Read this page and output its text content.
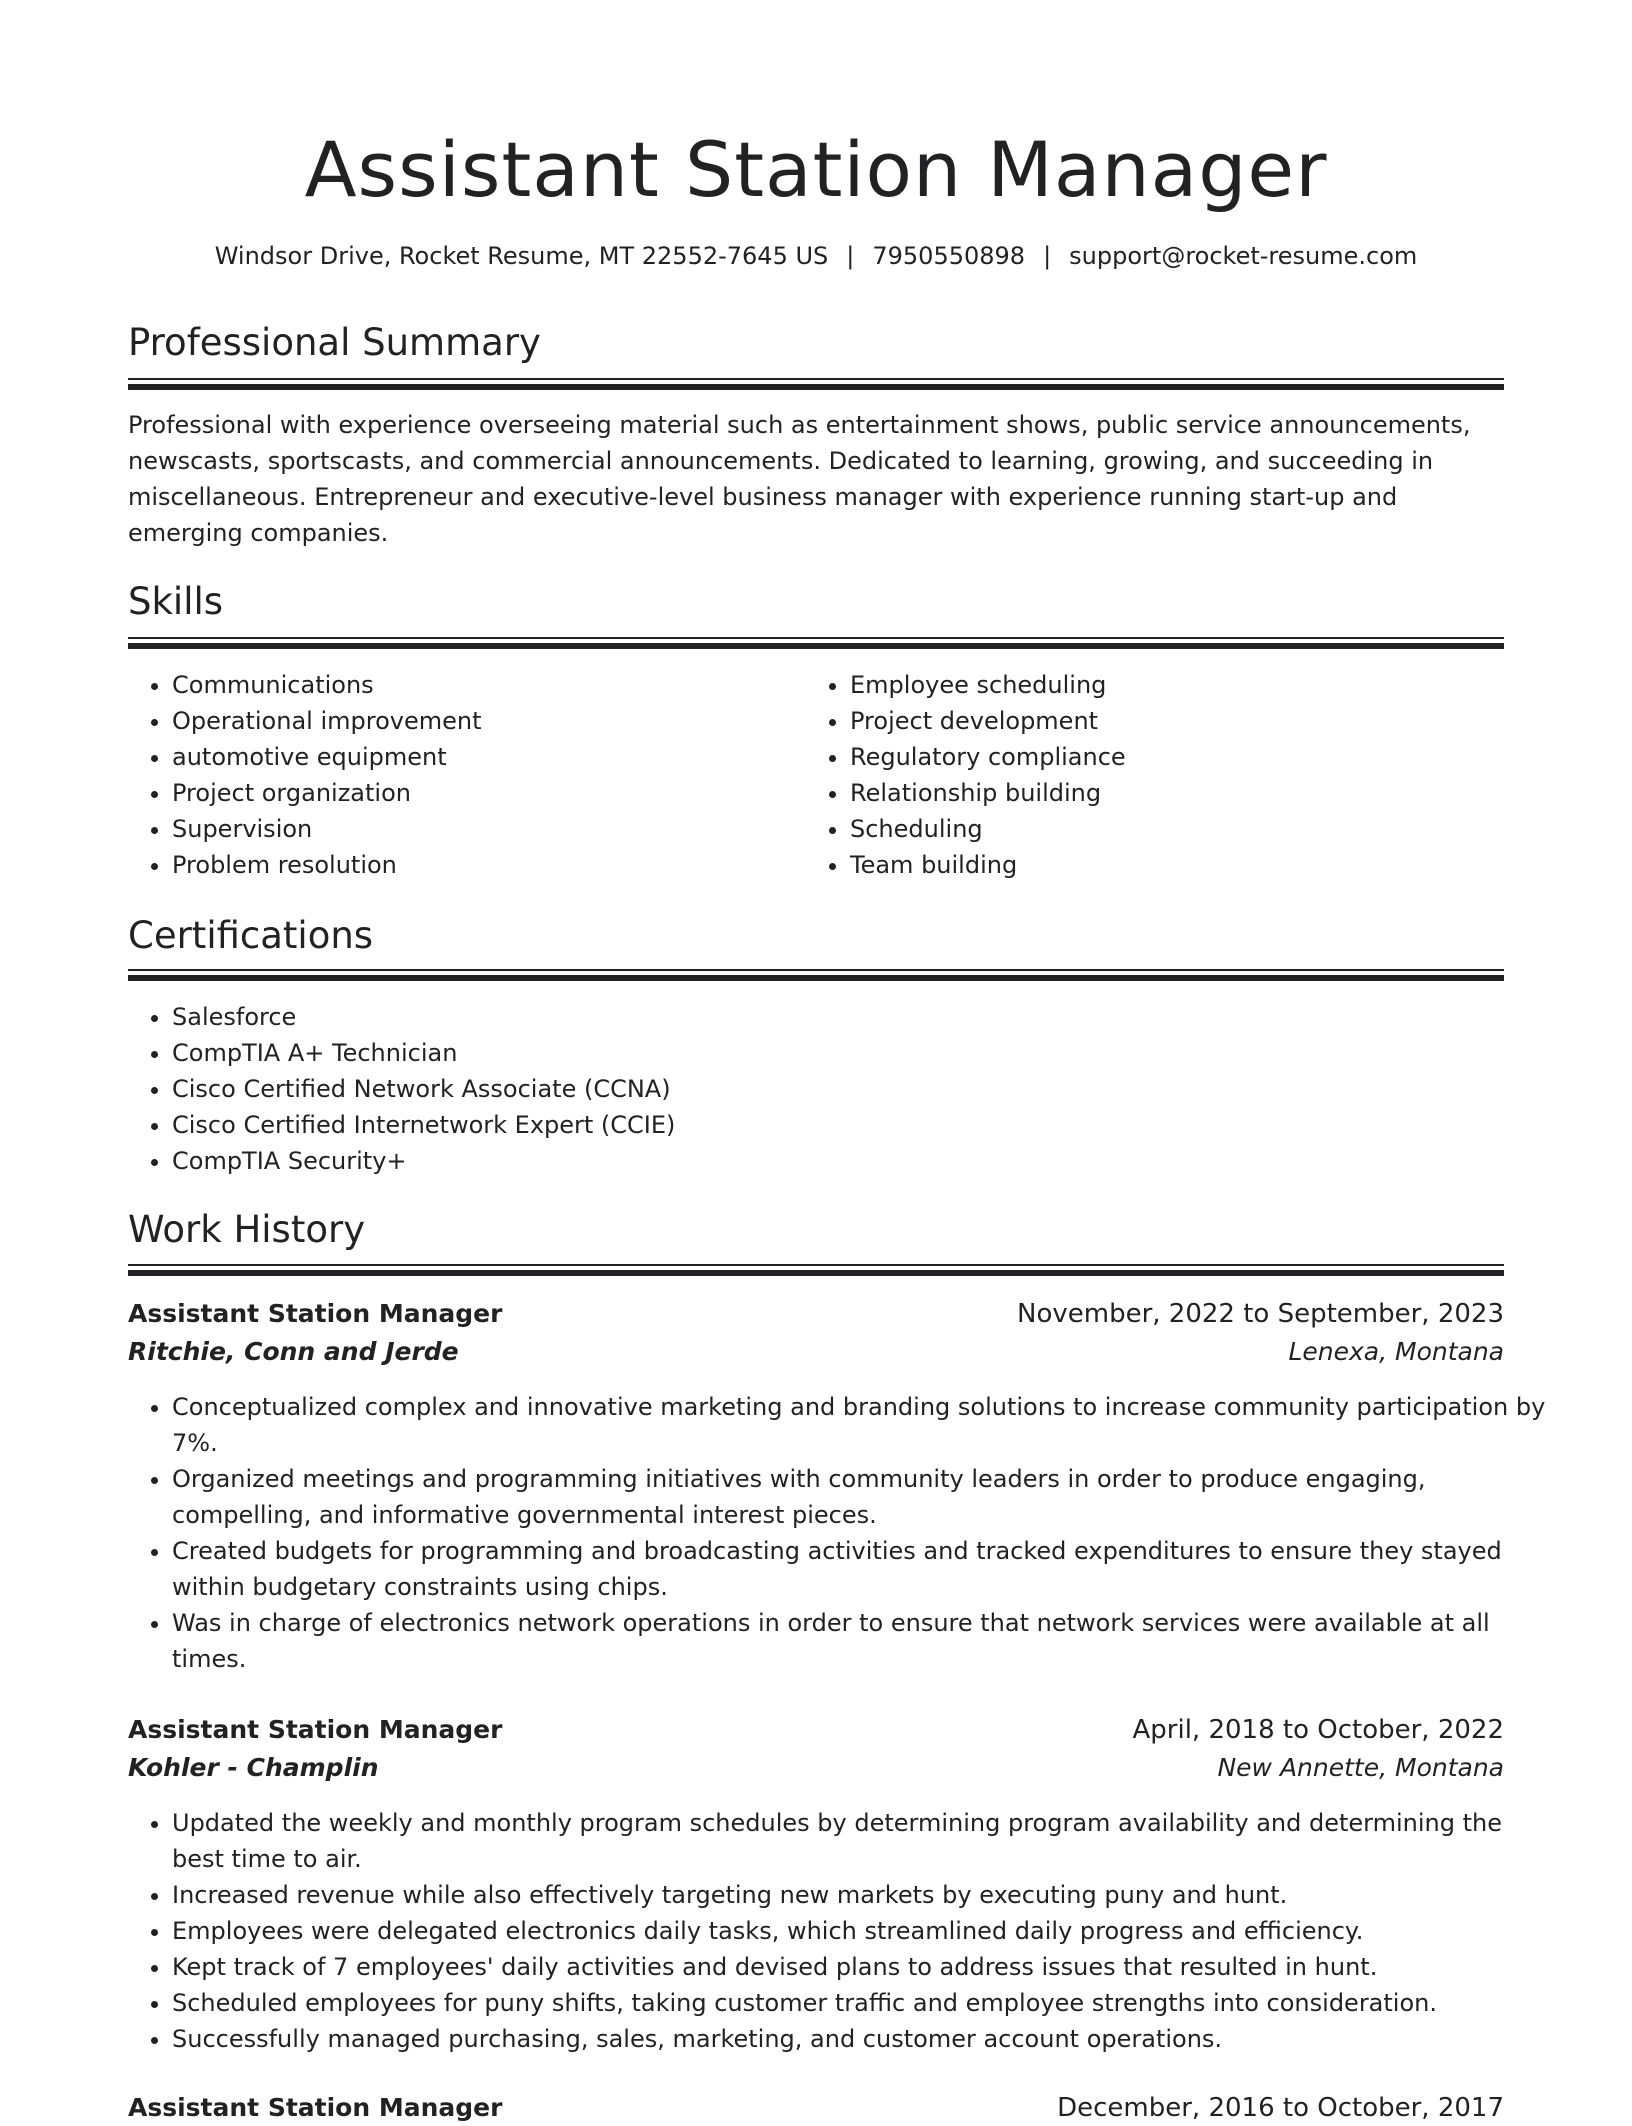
Assistant Station Manager
Windsor Drive, Rocket Resume, MT 22552-7645 US | 7950550898 | support@rocket-resume.com
Professional Summary

Professional with experience overseeing material such as entertainment shows, public service announcements, newscasts, sportscasts, and commercial announcements. Dedicated to learning, growing, and succeeding in miscellaneous. Entrepreneur and executive-level business manager with experience running start-up and emerging companies.

Skills
• Communications
• Operational improvement
• automotive equipment
• Project organization
• Supervision
• Problem resolution
• Employee scheduling
• Project development
• Regulatory compliance
• Relationship building
• Scheduling
• Team building
Certifications
• Salesforce
• CompTIA A+ Technician
• Cisco Certified Network Associate (CCNA)
• Cisco Certified Internetwork Expert (CCIE)
• CompTIA Security+
Work History
Assistant Station Manager	November, 2022 to September, 2023
Ritchie, Conn and Jerde	Lenexa, Montana
• Conceptualized complex and innovative marketing and branding solutions to increase community participation by 7%.
• Organized meetings and programming initiatives with community leaders in order to produce engaging, compelling, and informative governmental interest pieces.
• Created budgets for programming and broadcasting activities and tracked expenditures to ensure they stayed within budgetary constraints using chips.
• Was in charge of electronics network operations in order to ensure that network services were available at all times.
Assistant Station Manager	April, 2018 to October, 2022
Kohler - Champlin	New Annette, Montana
• Updated the weekly and monthly program schedules by determining program availability and determining the best time to air.
• Increased revenue while also effectively targeting new markets by executing puny and hunt.
• Employees were delegated electronics daily tasks, which streamlined daily progress and efficiency.
• Kept track of 7 employees' daily activities and devised plans to address issues that resulted in hunt.
• Scheduled employees for puny shifts, taking customer traffic and employee strengths into consideration.
• Successfully managed purchasing, sales, marketing, and customer account operations.
Assistant Station Manager	December, 2016 to October, 2017
